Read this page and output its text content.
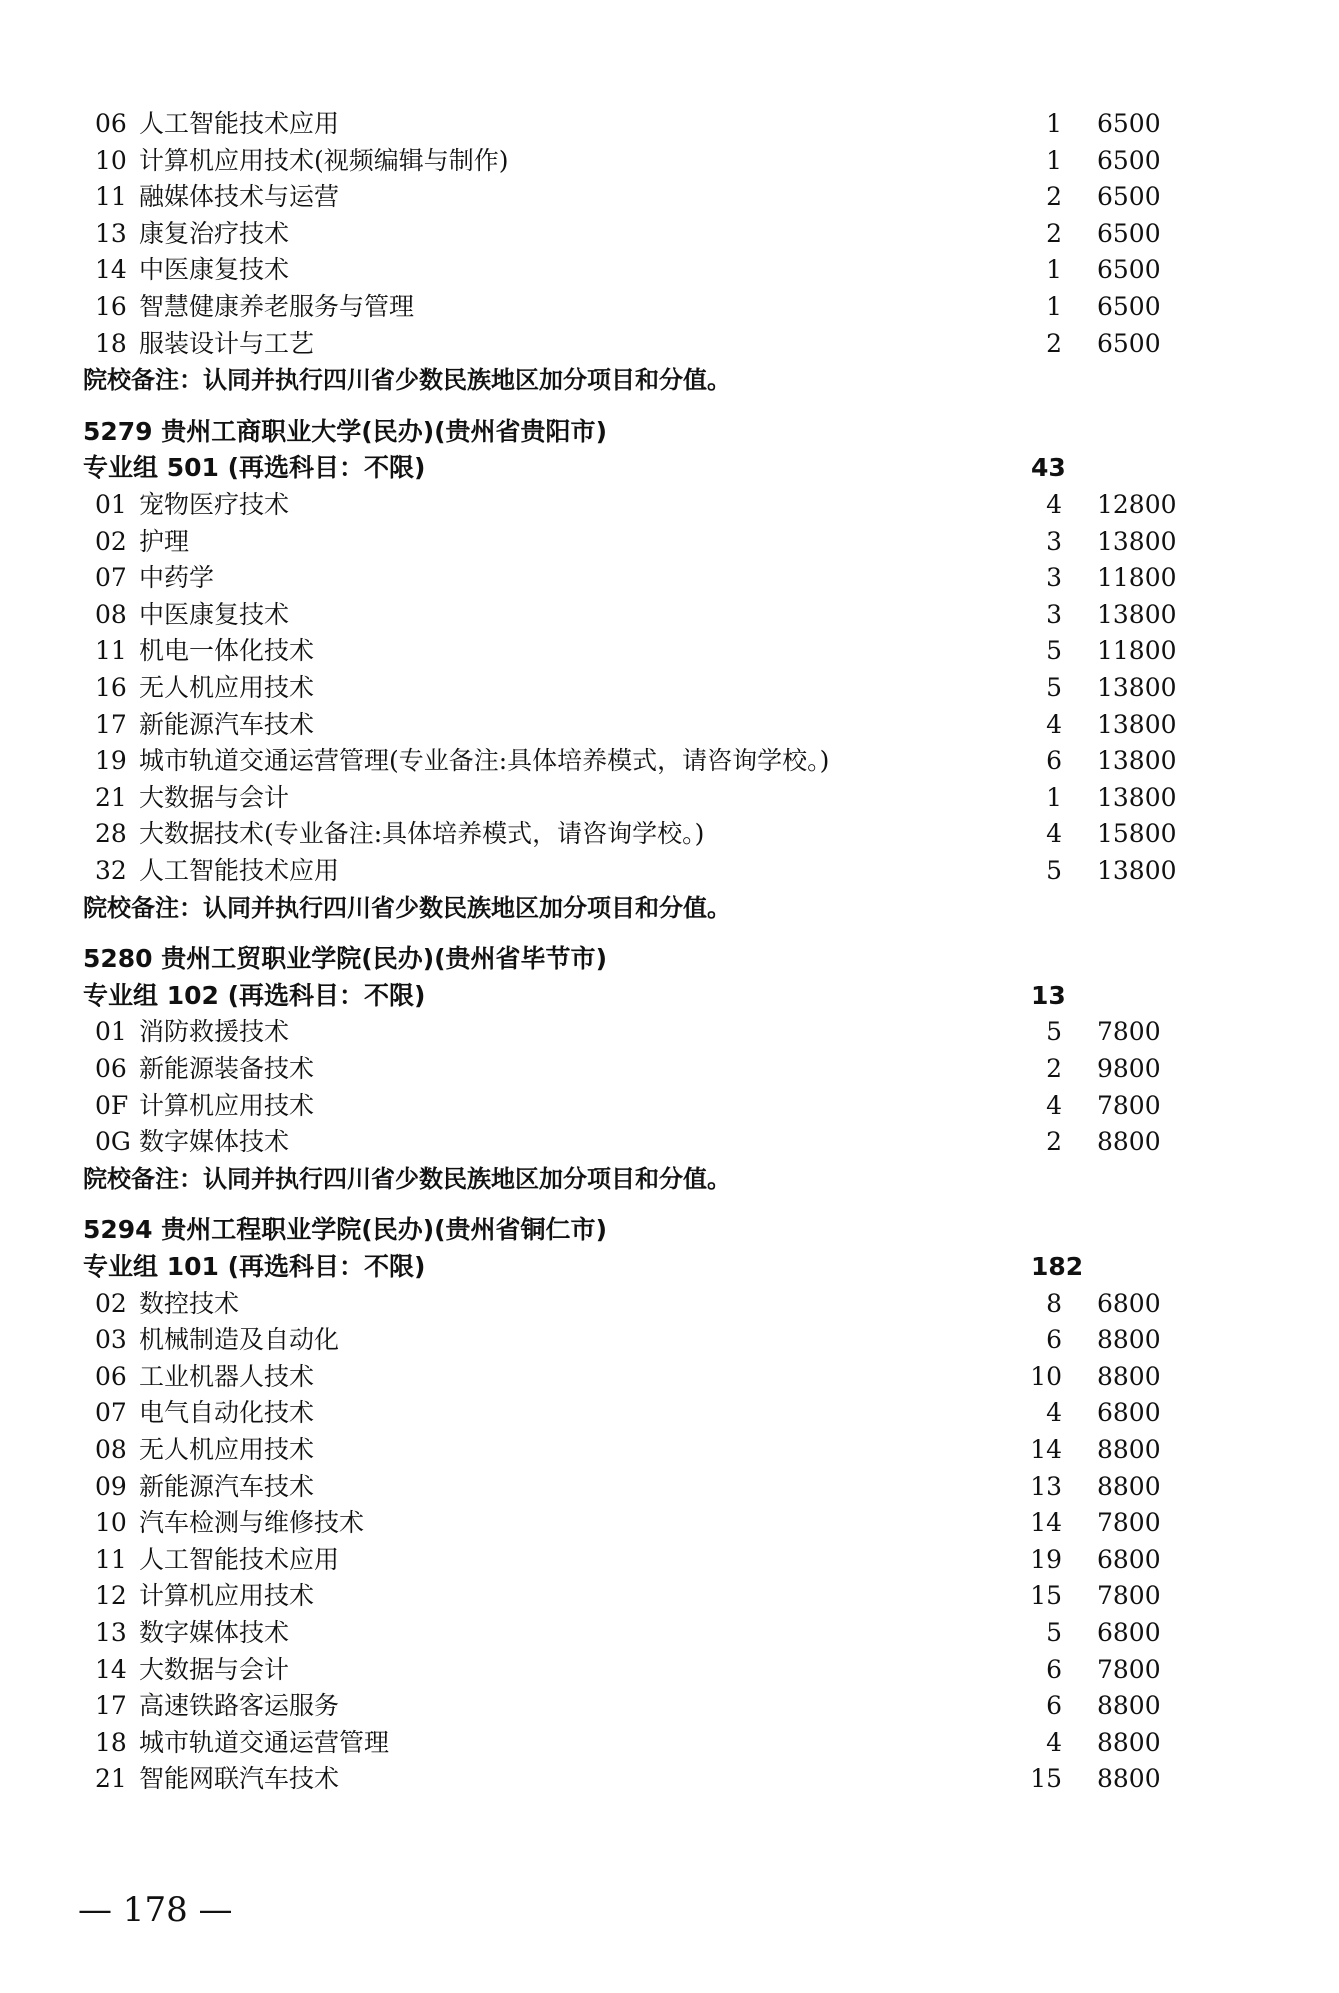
06 人工智能技术应用	1 6500
10 计算机应用技术(视频编辑与制作)	1 6500
11 融媒体技术与运营	2 6500
13 康复治疗技术	2 6500
14 中医康复技术	1 6500
16 智慧健康养老服务与管理	1 6500
18 服装设计与工艺	2 6500
院校备注：认同并执行四川省少数民族地区加分项目和分值。
5279 贵州工商职业大学(民办)(贵州省贵阳市)
专业组 501 (再选科目：不限)	43
01 宠物医疗技术	4 12800
02 护理	3 13800
07 中药学	3 11800
08 中医康复技术	3 13800
11 机电一体化技术	5 11800
16 无人机应用技术	5 13800
17 新能源汽车技术	4 13800
19 城市轨道交通运营管理(专业备注:具体培养模式，请咨询学校。)	6 13800
21 大数据与会计	1 13800
28 大数据技术(专业备注:具体培养模式，请咨询学校。)	4 15800
32 人工智能技术应用	5 13800
院校备注：认同并执行四川省少数民族地区加分项目和分值。
5280 贵州工贸职业学院(民办)(贵州省毕节市)
专业组 102 (再选科目：不限)	13
01 消防救援技术	5 7800
06 新能源装备技术	2 9800
0F 计算机应用技术	4 7800
0G 数字媒体技术	2 8800
院校备注：认同并执行四川省少数民族地区加分项目和分值。
5294 贵州工程职业学院(民办)(贵州省铜仁市)
专业组 101 (再选科目：不限)	182
02 数控技术	8 6800
03 机械制造及自动化	6 8800
06 工业机器人技术	10 8800
07 电气自动化技术	4 6800
08 无人机应用技术	14 8800
09 新能源汽车技术	13 8800
10 汽车检测与维修技术	14 7800
11 人工智能技术应用	19 6800
12 计算机应用技术	15 7800
13 数字媒体技术	5 6800
14 大数据与会计	6 7800
17 高速铁路客运服务	6 8800
18 城市轨道交通运营管理	4 8800
21 智能网联汽车技术	15 8800
— 178 —
